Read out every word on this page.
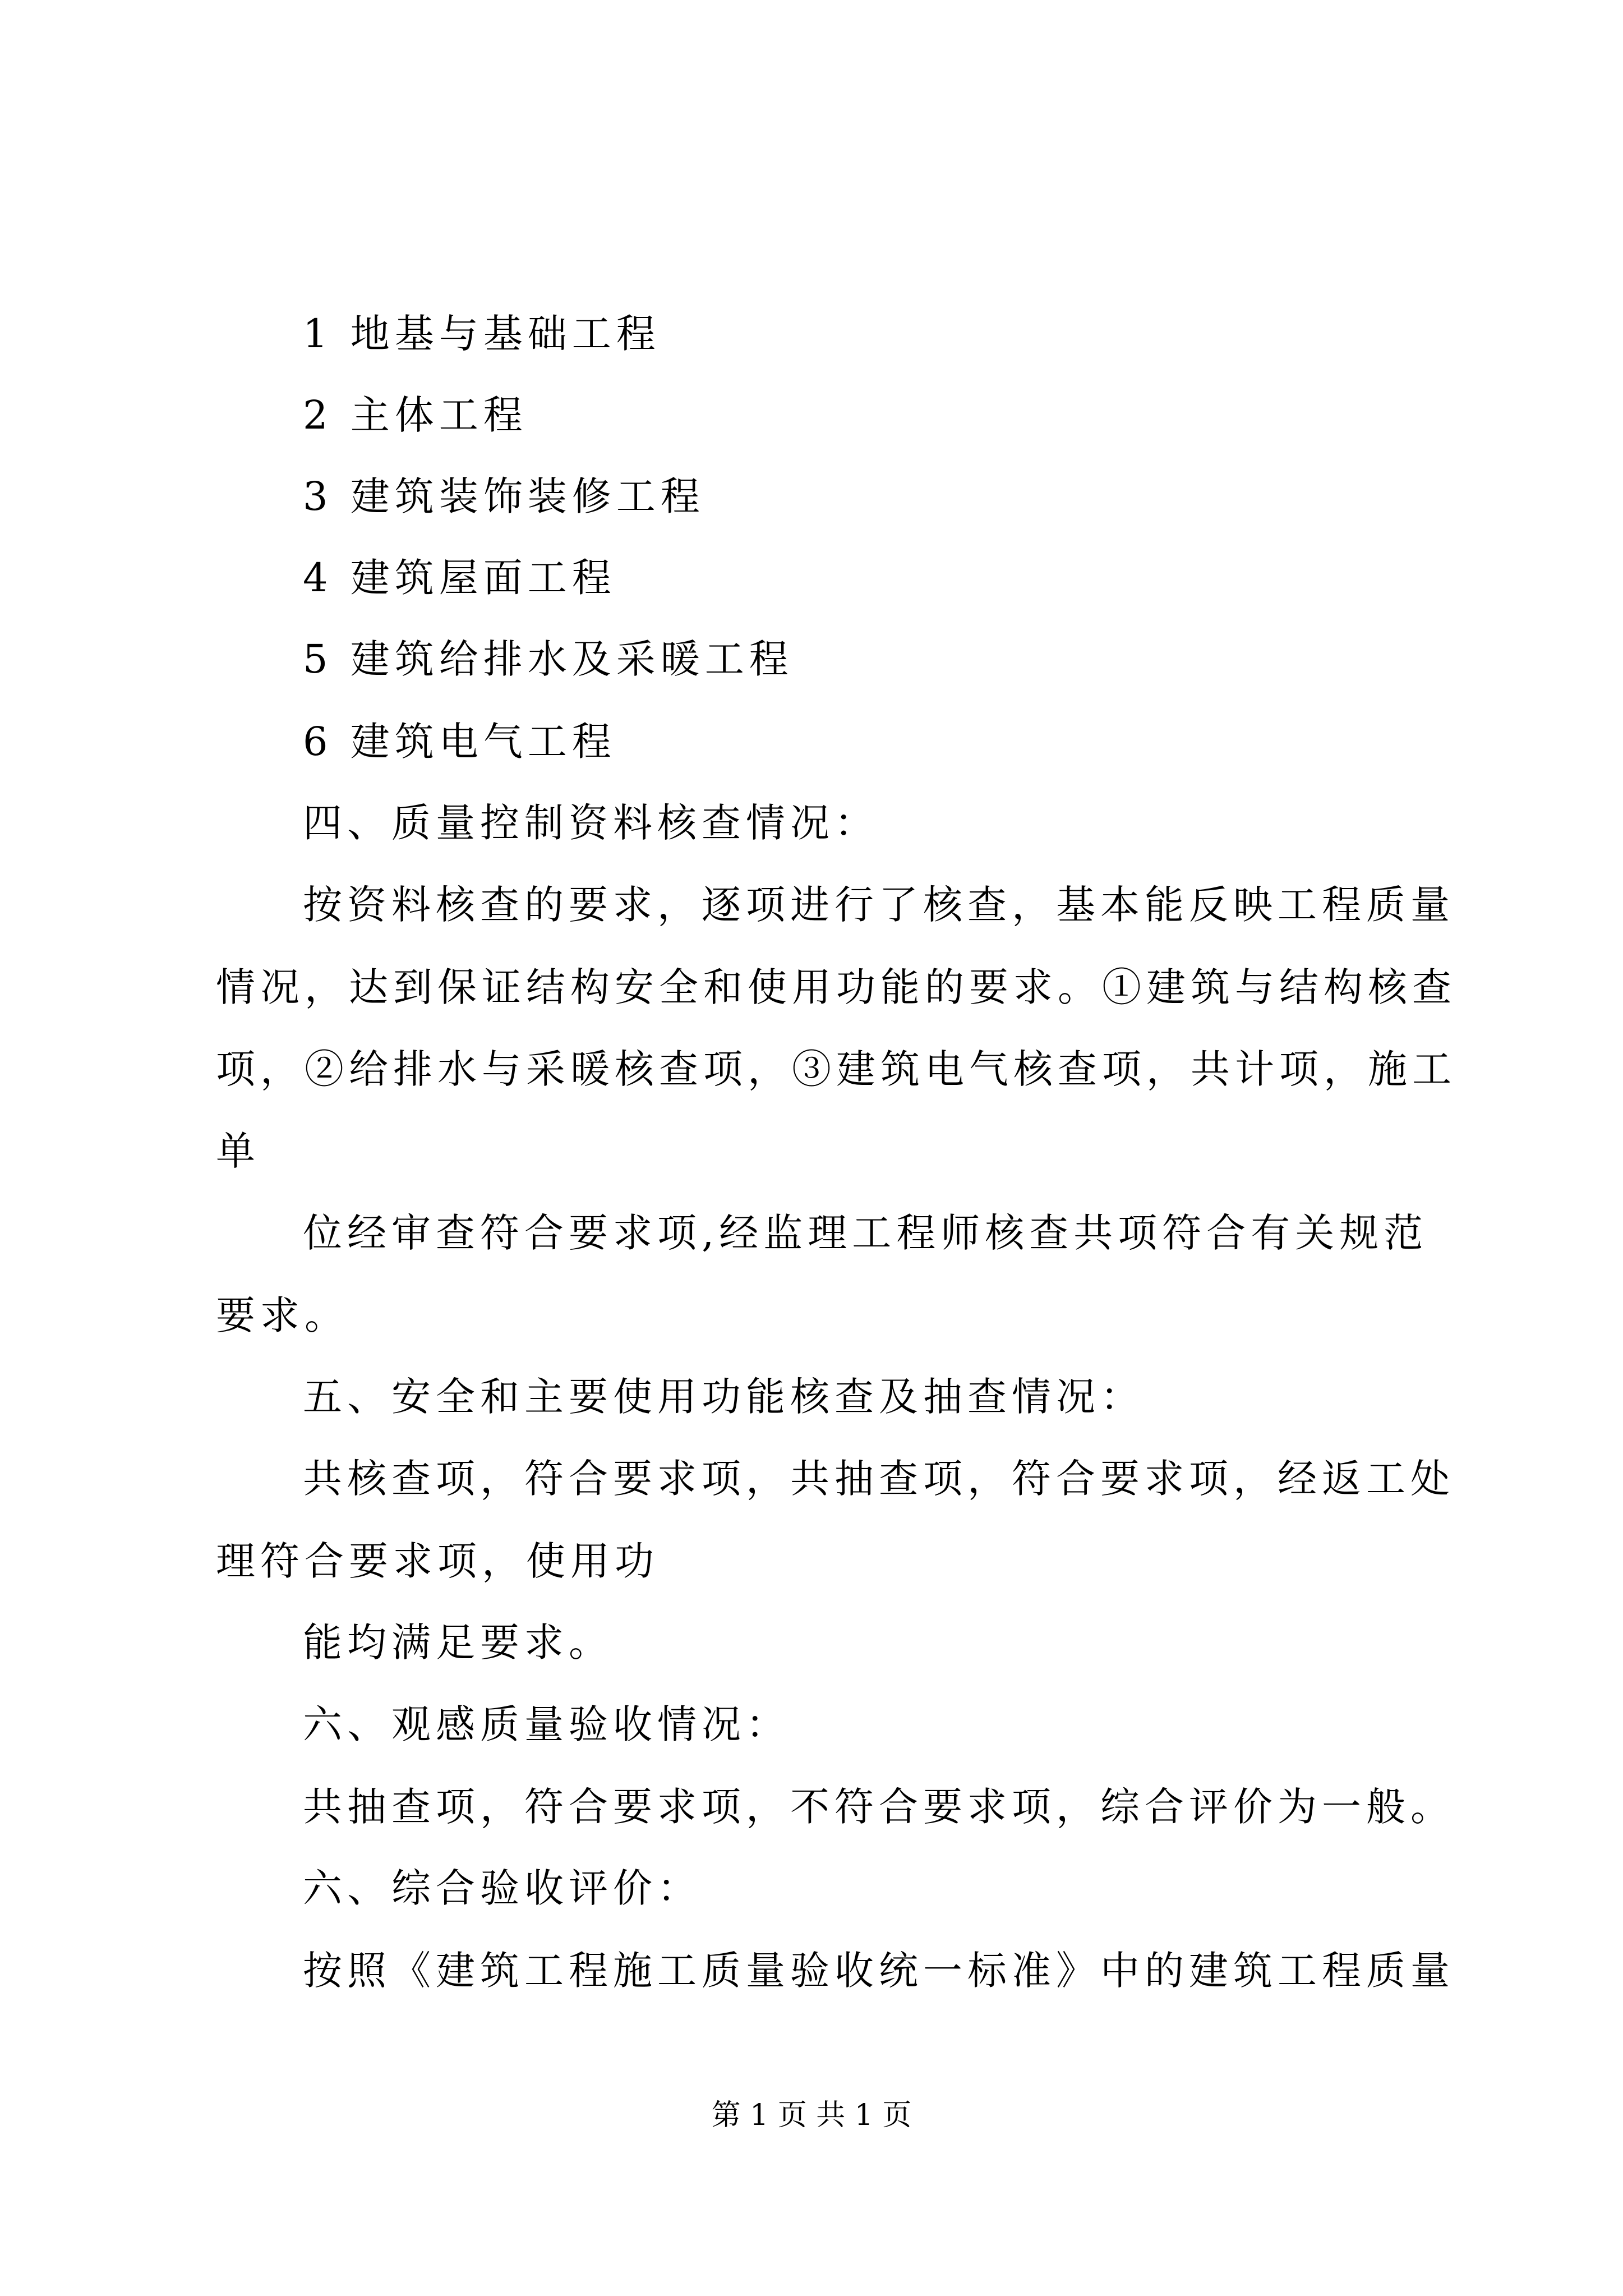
1 地基与基础工程
2 主体工程
3 建筑装饰装修工程
4 建筑屋面工程
5 建筑给排水及采暖工程
6 建筑电气工程
四、质量控制资料核查情况：
按资料核查的要求，逐项进行了核查，基本能反映工程质量
情况，达到保证结构安全和使用功能的要求。①建筑与结构核查
项，②给排水与采暖核查项，③建筑电气核查项，共计项，施工
单
位经审查符合要求项,经监理工程师核查共项符合有关规范
要求。
五、安全和主要使用功能核查及抽查情况：
共核查项，符合要求项，共抽查项，符合要求项，经返工处
理符合要求项，使用功
能均满足要求。
六、观感质量验收情况：
共抽查项，符合要求项，不符合要求项，综合评价为一般。
六、综合验收评价：
按照《建筑工程施工质量验收统一标准》中的建筑工程质量
第 1 页 共 1 页
